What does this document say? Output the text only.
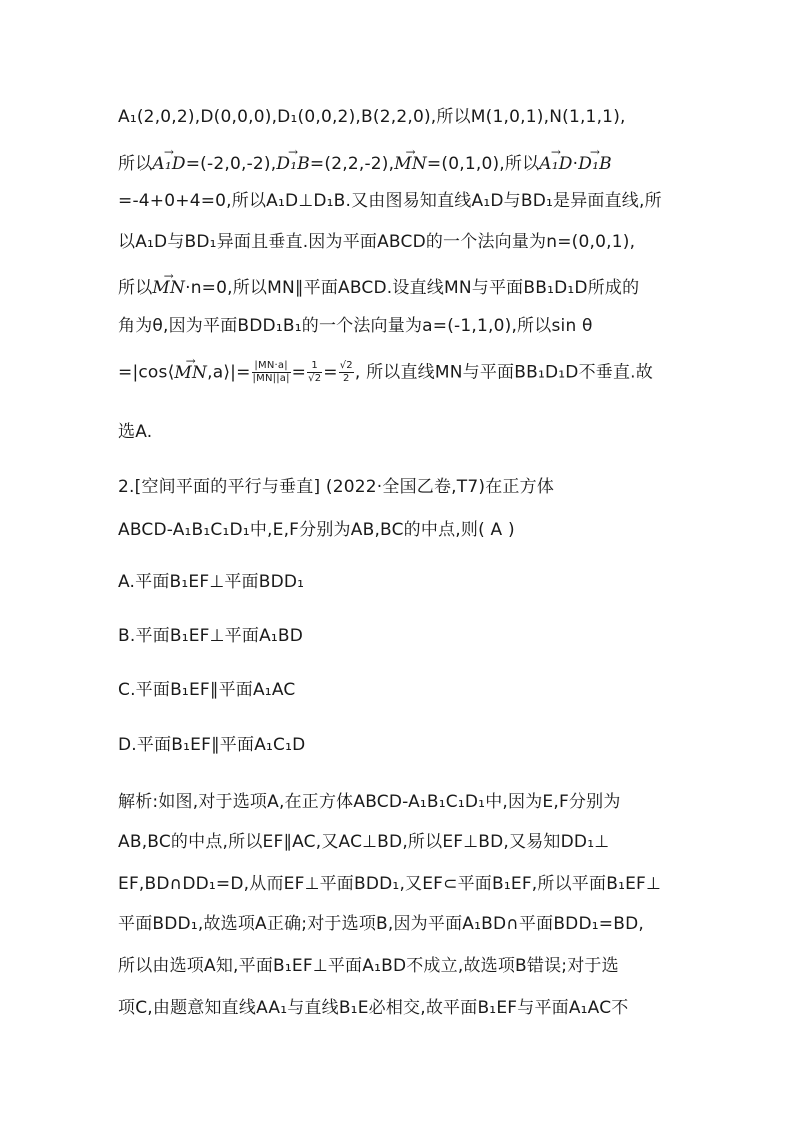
A₁(2,0,2),D(0,0,0),D₁(0,0,2),B(2,2,0),所以M(1,0,1),N(1,1,1),
所以→ A₁D=(-2,0,-2),→ D₁B=(2,2,-2),→ MN=(0,1,0),所以→ A₁D·→ D₁B
=-4+0+4=0,所以A₁D⊥D₁B.又由图易知直线A₁D与BD₁是异面直线,所
以A₁D与BD₁异面且垂直.因为平面ABCD的一个法向量为n=(0,0,1),
所以→ MN·n=0,所以MN∥平面ABCD.设直线MN与平面BB₁D₁D所成的
角为θ,因为平面BDD₁B₁的一个法向量为a=(-1,1,0),所以sin θ
=|cos⟨→ MN,a⟩|= $\frac{|MN\cdot a|}{|MN||a|} = \frac{1}{√2} = \frac{√2}{2}$ , 所以直线MN与平面BB₁D₁D不垂直.故
选A.
2.[空间平面的平行与垂直] (2022·全国乙卷,T7)在正方体
ABCD-A₁B₁C₁D₁中,E,F分别为AB,BC的中点,则( A )
A.平面B₁EF⊥平面BDD₁
B.平面B₁EF⊥平面A₁BD
C.平面B₁EF∥平面A₁AC
D.平面B₁EF∥平面A₁C₁D
解析:如图,对于选项A,在正方体ABCD-A₁B₁C₁D₁中,因为E,F分别为
AB,BC的中点,所以EF∥AC,又AC⊥BD,所以EF⊥BD,又易知DD₁⊥
EF,BD∩DD₁=D,从而EF⊥平面BDD₁,又EF⊂平面B₁EF,所以平面B₁EF⊥
平面BDD₁,故选项A正确;对于选项B,因为平面A₁BD∩平面BDD₁=BD,
所以由选项A知,平面B₁EF⊥平面A₁BD不成立,故选项B错误;对于选
项C,由题意知直线AA₁与直线B₁E必相交,故平面B₁EF与平面A₁AC不
